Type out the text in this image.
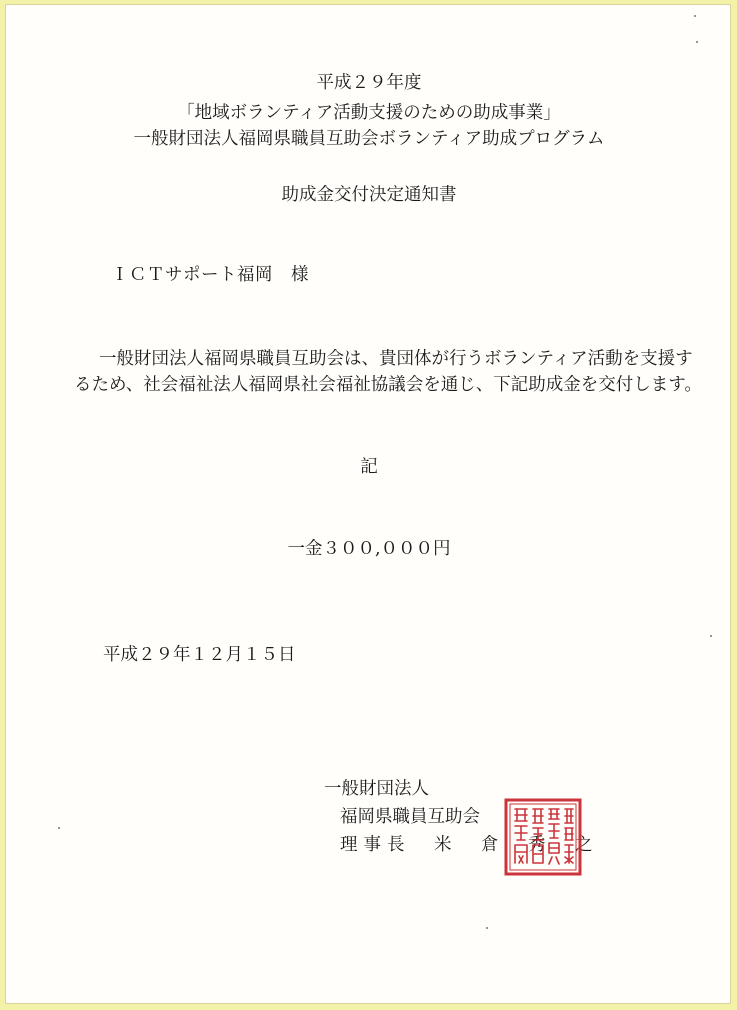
平成２９年度
「地域ボランティア活動支援のための助成事業」
一般財団法人福岡県職員互助会ボランティア助成プログラム
助成金交付決定通知書
ＩＣＴサポート福岡　様
一般財団法人福岡県職員互助会は、貴団体が行うボランティア活動を支援す
るため、社会福祉法人福岡県社会福祉協議会を通じ、下記助成金を交付します。
記
一金３００,０００円
平成２９年１２月１５日
一般財団法人
福岡県職員互助会
理事長　米　倉　秀　之
